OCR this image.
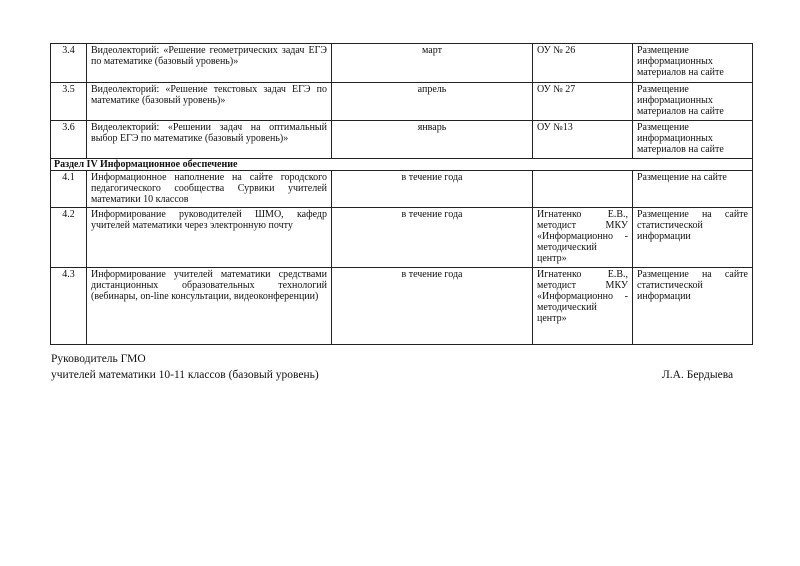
3.4	Видеолекторий: «Решение геометрических задач ЕГЭ по математике (базовый уровень)»	март	ОУ № 26	Размещение информационных материалов на сайте
3.5	Видеолекторий: «Решение текстовых задач ЕГЭ по математике (базовый уровень)»	апрель	ОУ № 27	Размещение информационных материалов на сайте
3.6	Видеолекторий: «Решении задач на оптимальный выбор ЕГЭ по математике (базовый уровень)»	январь	ОУ №13	Размещение информационных материалов на сайте
Раздел IV Информационное обеспечение				
4.1	Информационное наполнение на сайте городского педагогического сообщества Сурвики учителей математики 10 классов	в течение года		Размещение на сайте
4.2	Информирование руководителей ШМО, кафедр учителей математики через электронную почту	в течение года	Игнатенко Е.В., методист МКУ «Информационно - методический центр»	Размещение на сайте статистической информации
4.3	Информирование учителей математики средствами дистанционных образовательных технологий (вебинары, on-line консультации, видеоконференции)	в течение года	Игнатенко Е.В., методист МКУ «Информационно - методический центр»	Размещение на сайте статистической информации
Руководитель ГМО
учителей математики 10-11 классов (базовый уровень)	Л.А. Бердыева
